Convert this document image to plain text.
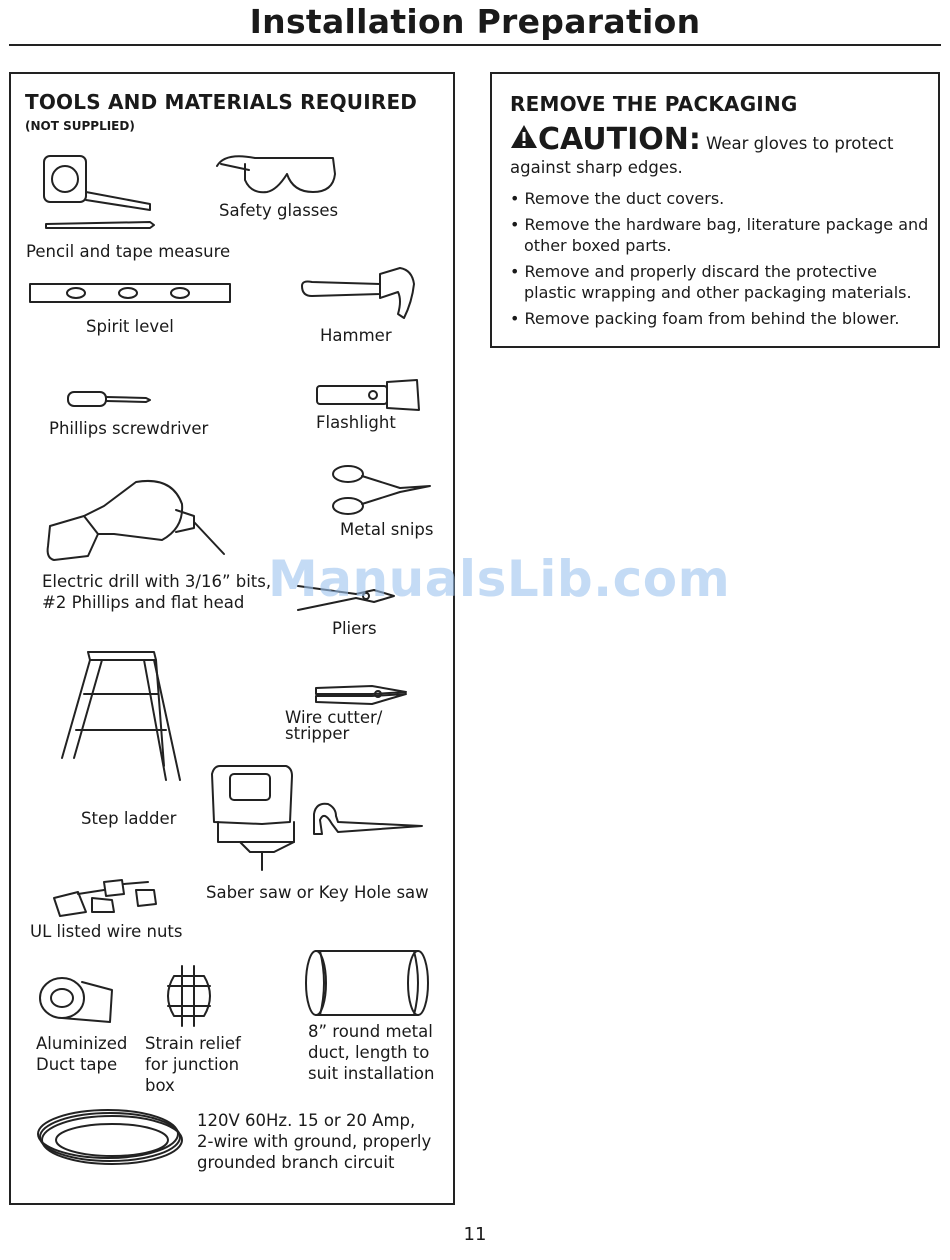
Installation Preparation
TOOLS AND MATERIALS REQUIRED
(NOT SUPPLIED)
Pencil and tape measure
Safety glasses
Spirit level	Hammer
Phillips screwdriver	Flashlight
Metal snips
Electric drill with 3/16” bits,
#2 Phillips and flat head
Pliers
Wire cutter/
stripper
Step ladder
Saber saw or Key Hole saw
UL listed wire nuts
Aluminized
Duct tape
Strain relief
for junction
box
8” round metal
duct, length to
suit installation
120V 60Hz. 15 or 20 Amp,
2-wire with ground, properly
grounded branch circuit
REMOVE THE PACKAGING
CAUTION: Wear gloves to protect
against sharp edges.
• Remove the duct covers.
• Remove the hardware bag, literature package and other boxed parts.
• Remove and properly discard the protective plastic wrapping and other packaging materials.
• Remove packing foam from behind the blower.
ManualsLib.com
11
